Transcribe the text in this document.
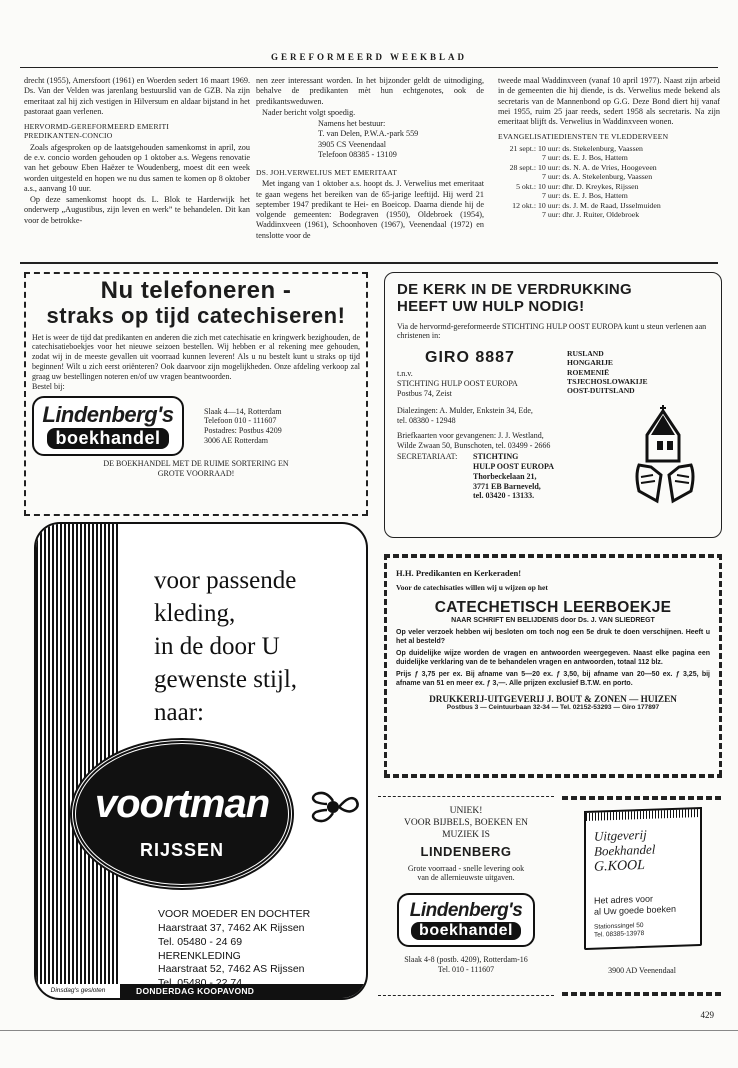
GEREFORMEERD WEEKBLAD

drecht (1955), Amersfoort (1961) en Woerden sedert 16 maart 1969. Ds. Van der Velden was jarenlang bestuurslid van de GZB. Na zijn emeritaat zal hij zich vestigen in Hilversum en aldaar bijstand in het pastoraat gaan verlenen.

HERVORMD-GEREFORMEERD EMERITI
PREDIKANTEN-CONCIO

Zoals afgesproken op de laatstgehouden samenkomst in april, zou de e.v. concio worden gehouden op 1 oktober a.s. Wegens renovatie van het gebouw Eben Haëzer te Woudenberg, moest dit een week worden uitgesteld en hopen we nu dus samen te komen op 8 oktober a.s., aanvang 10 uur.

Op deze samenkomst hoopt ds. L. Blok te Harderwijk het onderwerp „Augustibus, zijn leven en werk” te behandelen. Dit kan voor de betrokke-

nen zeer interessant worden. In het bijzonder geldt de uitnodiging, behalve de predikanten mèt hun echtgenotes, ook de predikantsweduwen.

Nader bericht volgt spoedig.

Namens het bestuur:
T. van Delen, P.W.A.-park 559
3905 CS Veenendaal
Telefoon 08385 - 13109
DS. JOH.VERWELIUS MET EMERITAAT

Met ingang van 1 oktober a.s. hoopt ds. J. Verwelius met emeritaat te gaan wegens het bereiken van de 65-jarige leeftijd. Hij werd 21 september 1947 predikant te Hei- en Boeicop. Daarna diende hij de volgende gemeenten: Bodegraven (1950), Oldebroek (1954), Waddinxveen (1961), Schoonhoven (1967), Veenendaal (1972) en tenslotte voor de

tweede maal Waddinxveen (vanaf 10 april 1977). Naast zijn arbeid in de gemeenten die hij diende, is ds. Verwelius mede bekend als secretaris van de Mannenbond op G.G. Deze Bond diert hij vanaf mei 1955, ruim 25 jaar reeds, sedert 1958 als secretaris. Na zijn emeritaat blijft ds. Verwelius in Waddinxveen wonen.

EVANGELISATIEDIENSTEN TE VLEDDERVEEN
21 sept.:	10 uur: ds. Stekelenburg, Vaassen
	7 uur: ds. E. J. Bos, Hattem
28 sept.:	10 uur: ds. N. A. de Vries, Hoogeveen
	7 uur: ds. A. Stekelenburg, Vaassen
5 okt.:	10 uur: dhr. D. Kreykes, Rijssen
	7 uur: ds. E. J. Bos, Hattem
12 okt.:	10 uur: ds. J. M. de Raad, IJsselmuiden
	7 uur: dhr. J. Ruiter, Oldebroek
Nu telefoneren -
straks op tijd catechiseren!
Het is weer de tijd dat predikanten en anderen die zich met catechisatie en kringwerk bezighouden, de catechisatieboekjes voor het nieuwe seizoen bestellen. Wij hebben er al rekening mee gehouden, zodat wij in de meeste gevallen uit voorraad kunnen leveren! Als u nu bestelt kunt u straks op tijd beginnen! Wilt u zich eerst oriënteren? Ook daarvoor zijn mogelijkheden. Onze afdeling verkoop zal graag uw bestellingen noteren en/of uw vragen beantwoorden.
Bestel bij:
Lindenberg's
boekhandel
Slaak 4—14, Rotterdam
Telefoon 010 - 111607
Postadres: Postbus 4209
3006 AE Rotterdam
DE BOEKHANDEL MET DE RUIME SORTERING EN
GROTE VOORRAAD!
DE KERK IN DE VERDRUKKING
HEEFT UW HULP NODIG!
Via de hervormd-gereformeerde STICHTING HULP OOST EUROPA kunt u steun verlenen aan christenen in:
GIRO 8887
t.n.v.
STICHTING HULP OOST EUROPA
Postbus 74, Zeist
RUSLAND
HONGARIJE
ROEMENIË
TSJECHOSLOWAKIJE
OOST-DUITSLAND
Dialezingen: A. Mulder, Enkstein 34, Ede,
tel. 08380 - 12948
Briefkaarten voor gevangenen: J. J. Westland,
Wilde Zwaan 50, Bunschoten, tel. 03499 - 2666
SECRETARIAAT:	STICHTING
HULP OOST EUROPA
Thorbeckelaan 21,
3771 EB Barneveld,
tel. 03420 - 13133.
voor passende
kleding,
in de door U
gewenste stijl,
naar:
voortman
RIJSSEN
VOOR MOEDER EN DOCHTER
Haarstraat 37, 7462 AK Rijssen
Tel. 05480 - 24 69
HERENKLEDING
Haarstraat 52, 7462 AS Rijssen
Dinsdag's gesloten	DONDERDAG KOOPAVOND
H.H. Predikanten en Kerkeraden!
Voor de catechisaties willen wij u wijzen op het
CATECHETISCH LEERBOEKJE
NAAR SCHRIFT EN BELIJDENIS door Ds. J. VAN SLIEDREGT
Op veler verzoek hebben wij besloten om toch nog een 5e druk te doen verschijnen. Heeft u het al besteld?
Op duidelijke wijze worden de vragen en antwoorden weergegeven. Naast elke pagina een duidelijke verklaring van de te behandelen vragen en antwoorden, totaal 112 blz.
Prijs ƒ 3,75 per ex. Bij afname van 5—20 ex. ƒ 3,50, bij afname van 20—50 ex. ƒ 3,25, bij afname van 51 en meer ex. ƒ 3,—. Alle prijzen exclusief B.T.W. en porto.
DRUKKERIJ-UITGEVERIJ J. BOUT & ZONEN — HUIZEN
Postbus 3 — Ceintuurbaan 32-34 — Tel. 02152-53293 — Giro 177897
UNIEK!
VOOR BIJBELS, BOEKEN EN
MUZIEK IS
LINDENBERG
Grote voorraad - snelle levering ook
van de allernieuwste uitgaven.
Lindenberg's
boekhandel
Slaak 4-8 (postb. 4209), Rotterdam-16
Tel. 010 - 111607
Uitgeverij
Boekhandel
G.KOOL
Het adres voor
al Uw goede boeken
Stationssingel 50
Tel. 08385-13978
3900 AD Veenendaal
429
